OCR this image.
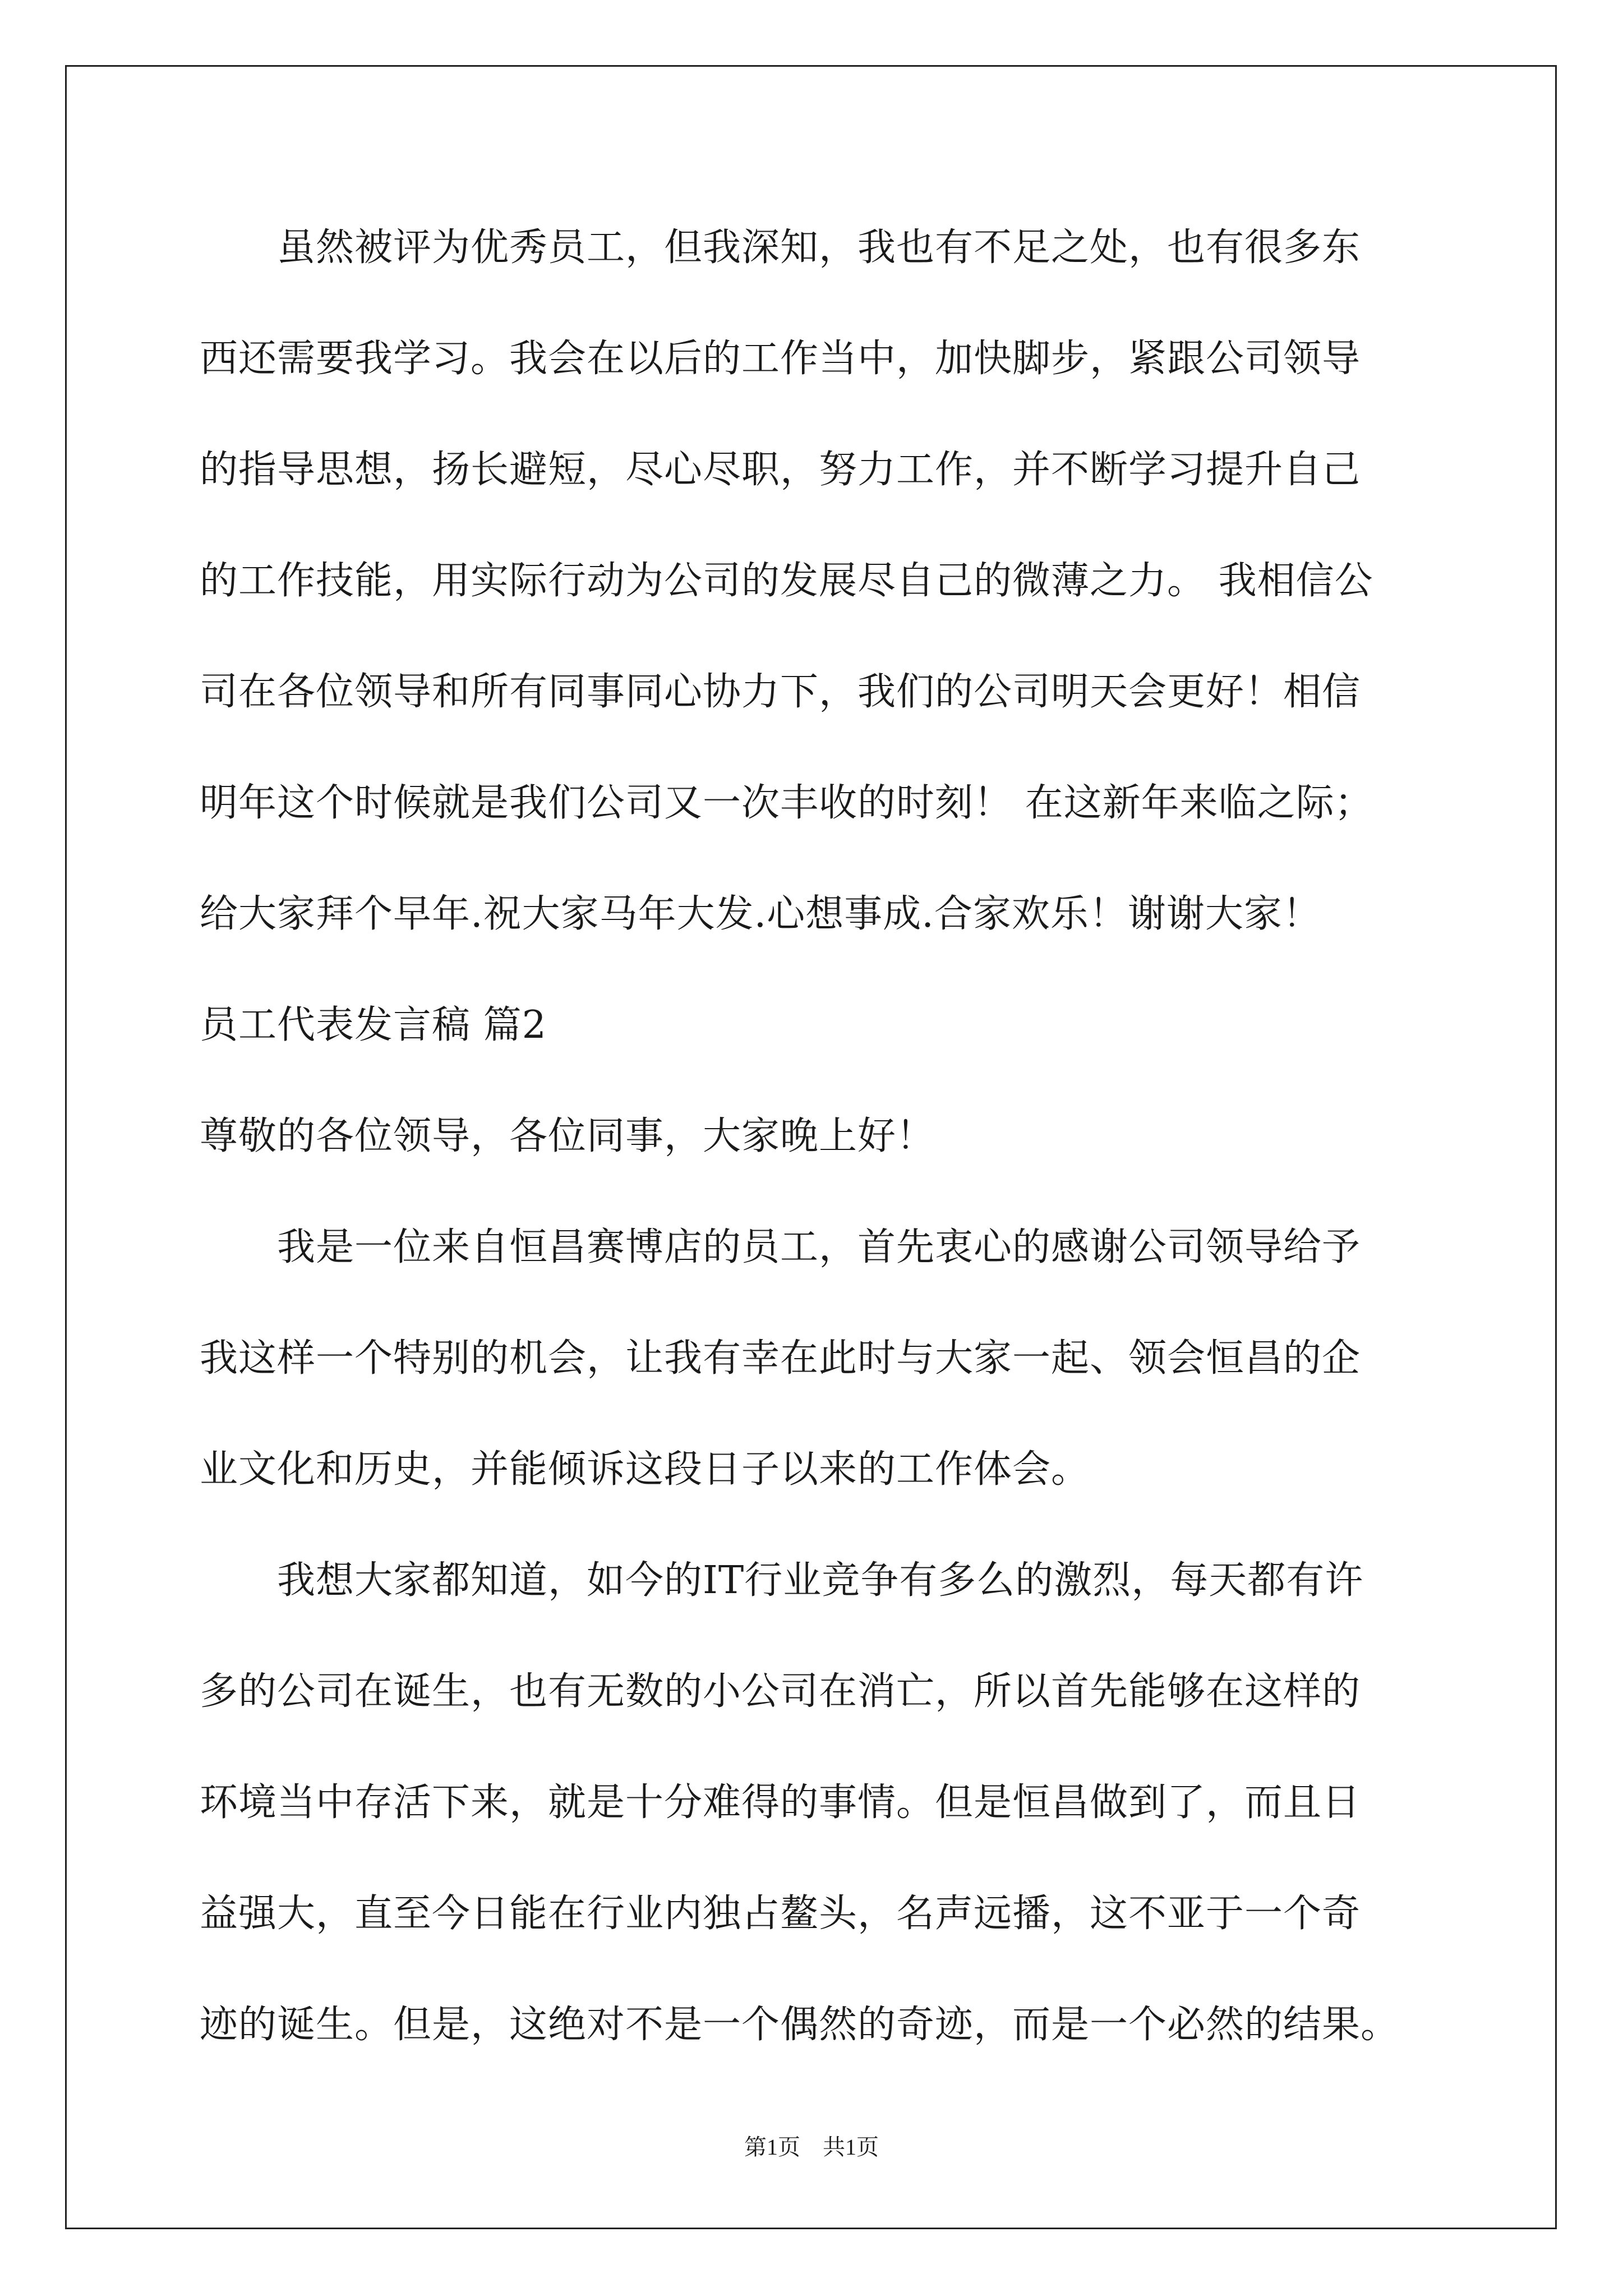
　　虽然被评为优秀员工，但我深知，我也有不足之处，也有很多东
西还需要我学习。我会在以后的工作当中，加快脚步，紧跟公司领导
的指导思想，扬长避短，尽心尽职，努力工作，并不断学习提升自己
的工作技能，用实际行动为公司的发展尽自己的微薄之力。 我相信公
司在各位领导和所有同事同心协力下，我们的公司明天会更好！相信
明年这个时候就是我们公司又一次丰收的时刻！ 在这新年来临之际；
给大家拜个早年.祝大家马年大发.心想事成.合家欢乐！谢谢大家！
员工代表发言稿 篇2
尊敬的各位领导，各位同事，大家晚上好！
　　我是一位来自恒昌赛博店的员工，首先衷心的感谢公司领导给予
我这样一个特别的机会，让我有幸在此时与大家一起、领会恒昌的企
业文化和历史，并能倾诉这段日子以来的工作体会。
　　我想大家都知道，如今的IT行业竞争有多么的激烈，每天都有许
多的公司在诞生，也有无数的小公司在消亡，所以首先能够在这样的
环境当中存活下来，就是十分难得的事情。但是恒昌做到了，而且日
益强大，直至今日能在行业内独占鳌头，名声远播，这不亚于一个奇
迹的诞生。但是，这绝对不是一个偶然的奇迹，而是一个必然的结果。
第1页　共1页
